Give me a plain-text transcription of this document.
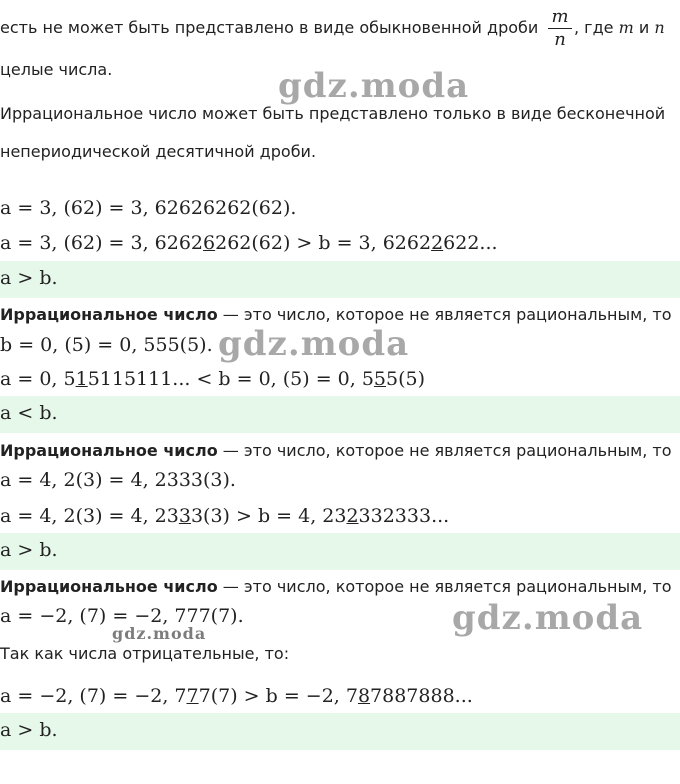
есть не может быть представлено в виде обыкновенной дроби $\frac{m}{n}$ , где m и n
целые числа.
Иррациональное число может быть представлено только в виде бесконечной
непериодической десятичной дроби.
a = 3, (62) = 3, 62626262(62).
a = 3, (62) = 3, 62626262(62) > b = 3, 62622622...
a > b.
Иррациональное число — это число, которое не является рациональным, то
b = 0, (5) = 0, 555(5).
a = 0, 515115111... < b = 0, (5) = 0, 555(5)
a < b.
Иррациональное число — это число, которое не является рациональным, то
a = 4, 2(3) = 4, 2333(3).
a = 4, 2(3) = 4, 2333(3) > b = 4, 232332333...
a > b.
Иррациональное число — это число, которое не является рациональным, то
a = −2, (7) = −2, 777(7).
Так как числа отрицательные, то:
a = −2, (7) = −2, 777(7) > b = −2, 787887888...
a > b.
gdz.moda
gdz.moda
gdz.moda
gdz.moda
